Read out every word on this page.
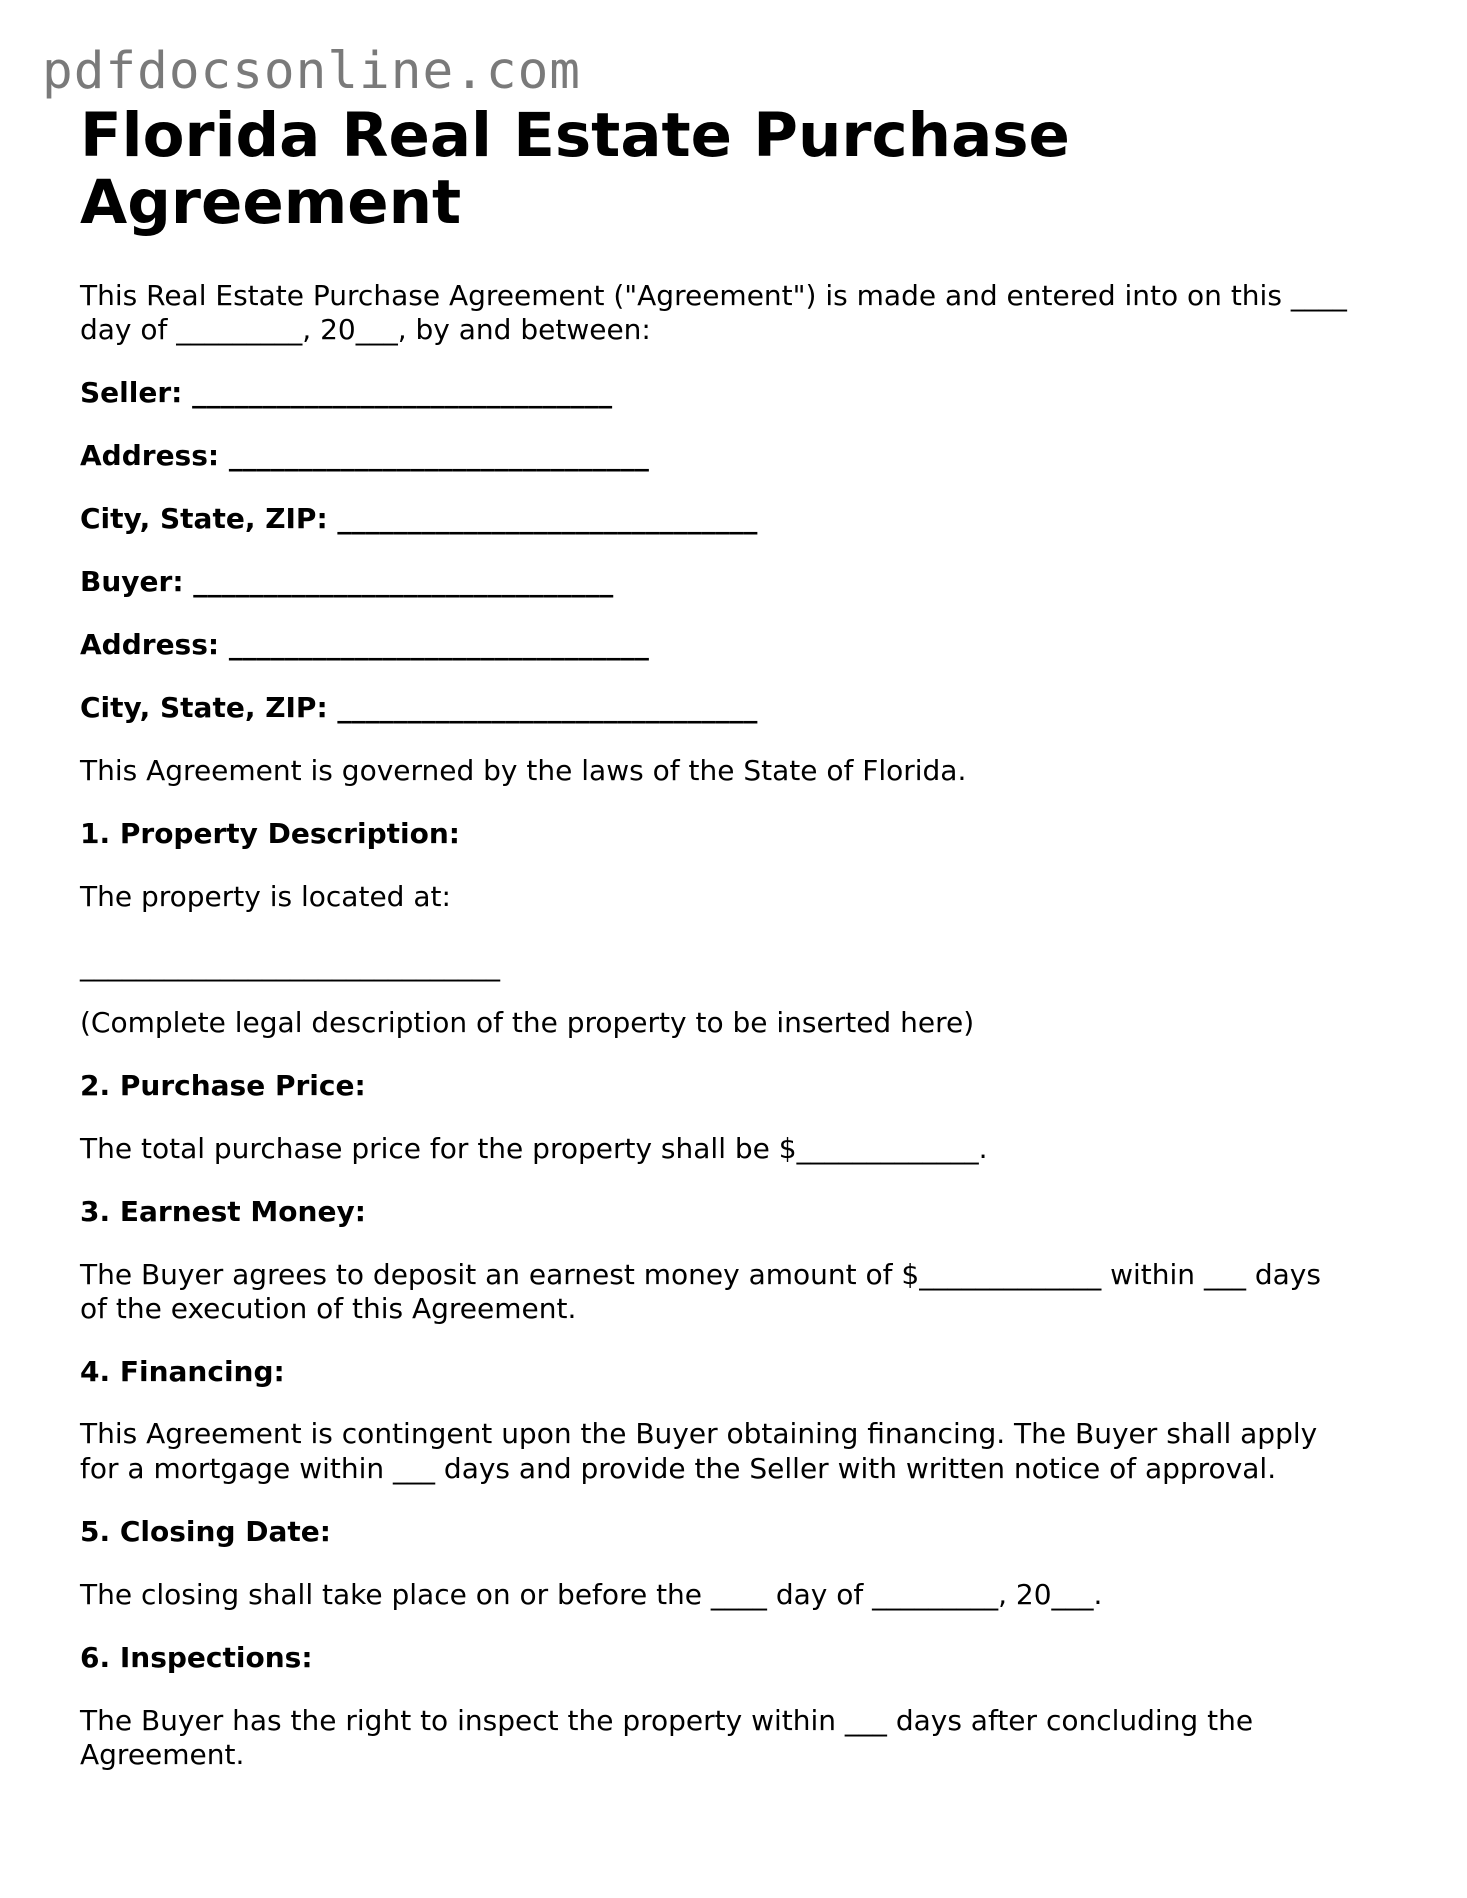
pdfdocsonline.com
Florida Real Estate Purchase Agreement

This Real Estate Purchase Agreement ("Agreement") is made and entered into on this ____

day of _________, 20___, by and between:

Seller: ______________________________

Address: ______________________________

City, State, ZIP: ______________________________

Buyer: ______________________________

Address: ______________________________

City, State, ZIP: ______________________________

This Agreement is governed by the laws of the State of Florida.

1. Property Description:

The property is located at:

______________________________

(Complete legal description of the property to be inserted here)

2. Purchase Price:

The total purchase price for the property shall be $_____________.

3. Earnest Money:

The Buyer agrees to deposit an earnest money amount of $_____________ within ___ days

of the execution of this Agreement.

4. Financing:

This Agreement is contingent upon the Buyer obtaining financing. The Buyer shall apply

for a mortgage within ___ days and provide the Seller with written notice of approval.

5. Closing Date:

The closing shall take place on or before the ____ day of _________, 20___.

6. Inspections:

The Buyer has the right to inspect the property within ___ days after concluding the

Agreement.
